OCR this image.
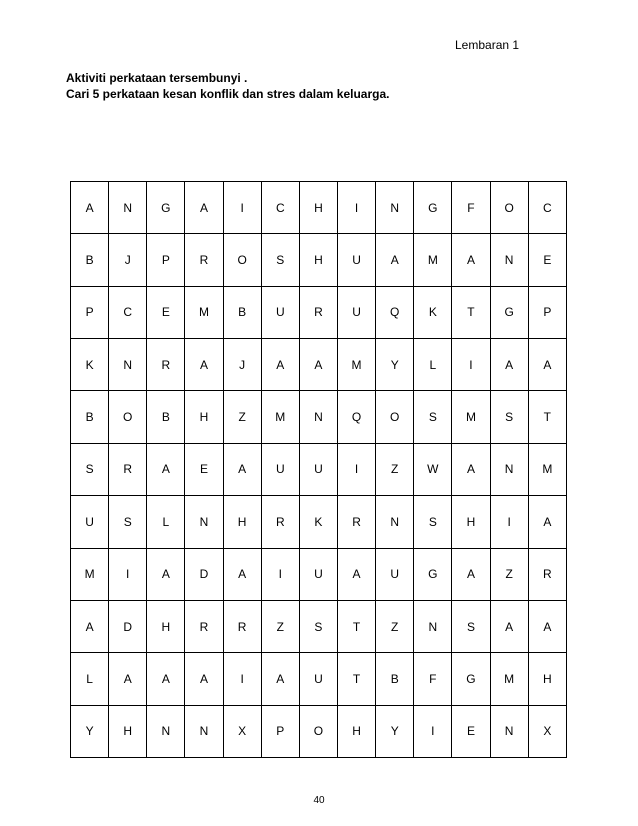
Lembaran 1
Aktiviti perkataan tersembunyi .
Cari 5 perkataan kesan konflik dan stres dalam keluarga.
A	N	G	A	I	C	H	I	N	G	F	O	C
B	J	P	R	O	S	H	U	A	M	A	N	E
P	C	E	M	B	U	R	U	Q	K	T	G	P
K	N	R	A	J	A	A	M	Y	L	I	A	A
B	O	B	H	Z	M	N	Q	O	S	M	S	T
S	R	A	E	A	U	U	I	Z	W	A	N	M
U	S	L	N	H	R	K	R	N	S	H	I	A
M	I	A	D	A	I	U	A	U	G	A	Z	R
A	D	H	R	R	Z	S	T	Z	N	S	A	A
L	A	A	A	I	A	U	T	B	F	G	M	H
Y	H	N	N	X	P	O	H	Y	I	E	N	X
40
